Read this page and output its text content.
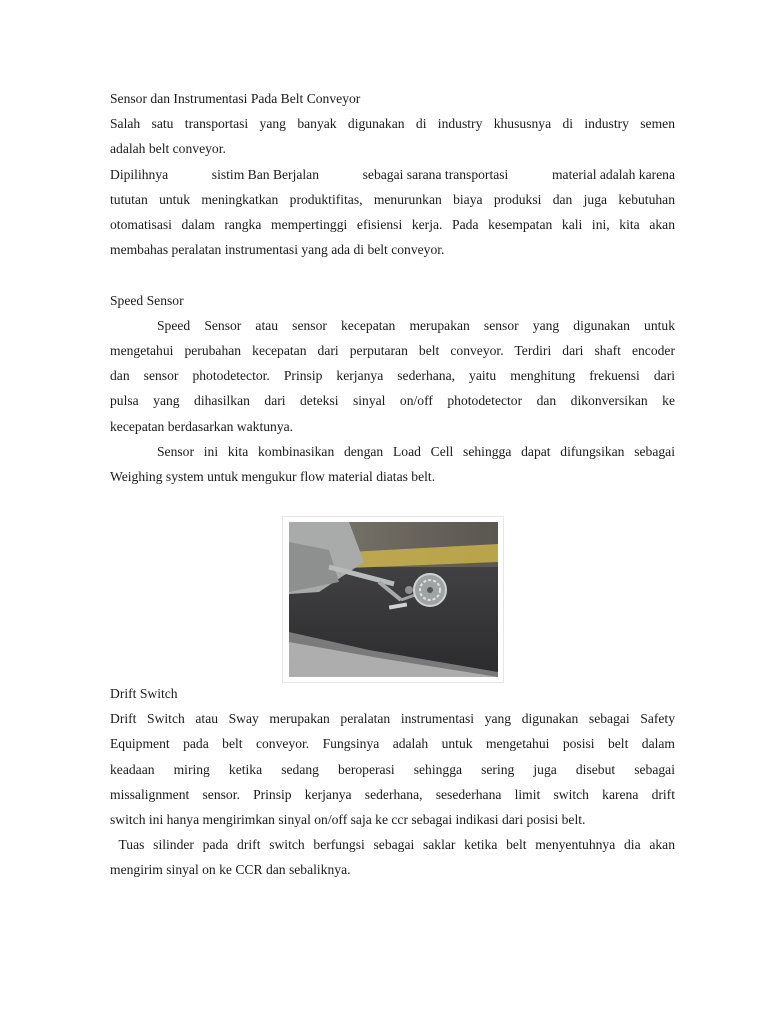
Sensor dan Instrumentasi Pada Belt Conveyor
Salah satu transportasi yang banyak digunakan di industry khususnya di industry semen
adalah belt conveyor.
Dipilihnya	sistim Ban Berjalan	sebagai sarana transportasi	material adalah karena
tututan untuk meningkatkan produktifitas, menurunkan biaya produksi dan juga kebutuhan
otomatisasi dalam rangka mempertinggi efisiensi kerja. Pada kesempatan kali ini, kita akan
membahas peralatan instrumentasi yang ada di belt conveyor.
Speed Sensor
Speed Sensor atau sensor kecepatan merupakan sensor yang digunakan untuk
mengetahui perubahan kecepatan dari perputaran belt conveyor. Terdiri dari shaft encoder
dan sensor photodetector. Prinsip kerjanya sederhana, yaitu menghitung frekuensi dari
pulsa yang dihasilkan dari deteksi sinyal on/off photodetector dan dikonversikan ke
kecepatan berdasarkan waktunya.
Sensor ini kita kombinasikan dengan Load Cell sehingga dapat difungsikan sebagai
Weighing system untuk mengukur flow material diatas belt.
Drift Switch
Drift Switch atau Sway merupakan peralatan instrumentasi yang digunakan sebagai Safety
Equipment pada belt conveyor. Fungsinya adalah untuk mengetahui posisi belt dalam
keadaan miring ketika sedang beroperasi sehingga sering juga disebut sebagai
missalignment sensor. Prinsip kerjanya sederhana, sesederhana limit switch karena drift
switch ini hanya mengirimkan sinyal on/off saja ke ccr sebagai indikasi dari posisi belt.
Tuas silinder pada drift switch berfungsi sebagai saklar ketika belt menyentuhnya dia akan
mengirim sinyal on ke CCR dan sebaliknya.
